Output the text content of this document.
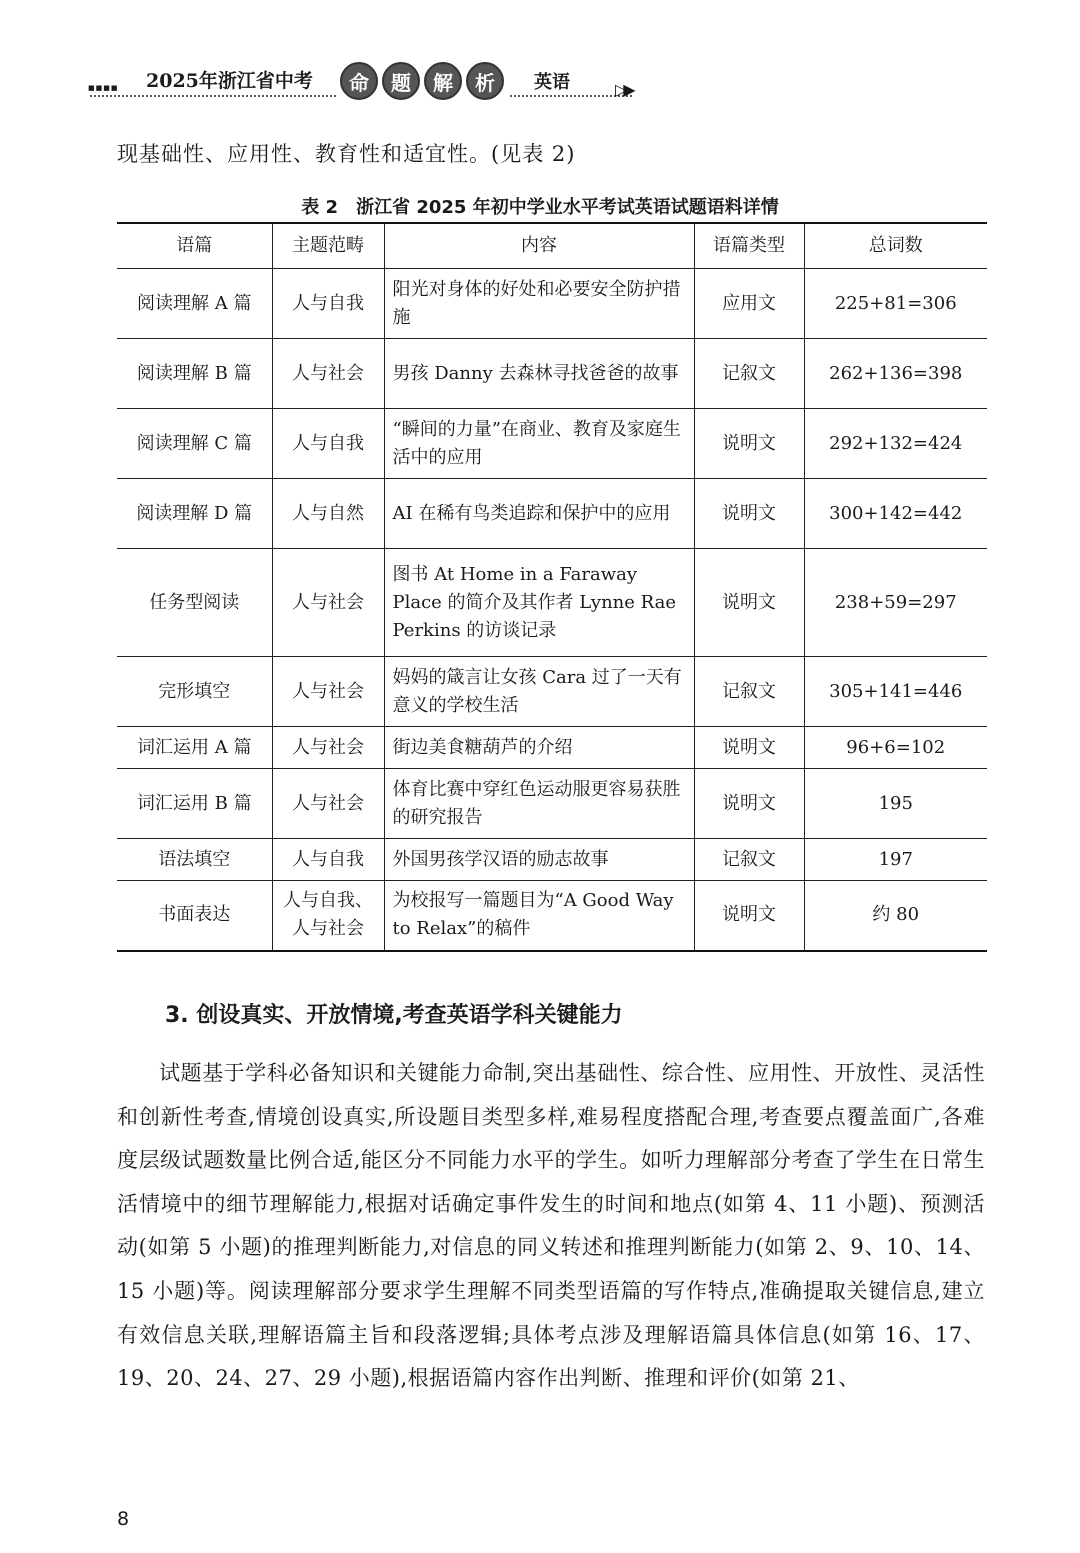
■■■■ 2025年浙江省中考	命	题	解	析	英语	▷▶
现基础性、应用性、教育性和适宜性。(见表 2)
表 2　浙江省 2025 年初中学业水平考试英语试题语料详情
语篇	主题范畴	内容	语篇类型	总词数
阅读理解 A 篇	人与自我	阳光对身体的好处和必要安全防护措施	应用文	225+81=306
阅读理解 B 篇	人与社会	男孩 Danny 去森林寻找爸爸的故事	记叙文	262+136=398
阅读理解 C 篇	人与自我	“瞬间的力量”在商业、教育及家庭生活中的应用	说明文	292+132=424
阅读理解 D 篇	人与自然	AI 在稀有鸟类追踪和保护中的应用	说明文	300+142=442
任务型阅读	人与社会	图书 At Home in a Faraway Place 的简介及其作者 Lynne Rae Perkins 的访谈记录	说明文	238+59=297
完形填空	人与社会	妈妈的箴言让女孩 Cara 过了一天有意义的学校生活	记叙文	305+141=446
词汇运用 A 篇	人与社会	街边美食糖葫芦的介绍	说明文	96+6=102
词汇运用 B 篇	人与社会	体育比赛中穿红色运动服更容易获胜的研究报告	说明文	195
语法填空	人与自我	外国男孩学汉语的励志故事	记叙文	197
书面表达	人与自我、人与社会	为校报写一篇题目为“A Good Way to Relax”的稿件	说明文	约 80
3. 创设真实、开放情境,考查英语学科关键能力
试题基于学科必备知识和关键能力命制,突出基础性、综合性、应用性、开放性、灵活性和创新性考查,情境创设真实,所设题目类型多样,难易程度搭配合理,考查要点覆盖面广,各难度层级试题数量比例合适,能区分不同能力水平的学生。如听力理解部分考查了学生在日常生活情境中的细节理解能力,根据对话确定事件发生的时间和地点(如第 4、11 小题)、预测活动(如第 5 小题)的推理判断能力,对信息的同义转述和推理判断能力(如第 2、9、10、14、15 小题)等。阅读理解部分要求学生理解不同类型语篇的写作特点,准确提取关键信息,建立有效信息关联,理解语篇主旨和段落逻辑;具体考点涉及理解语篇具体信息(如第 16、17、19、20、24、27、29 小题),根据语篇内容作出判断、推理和评价(如第 21、
8
